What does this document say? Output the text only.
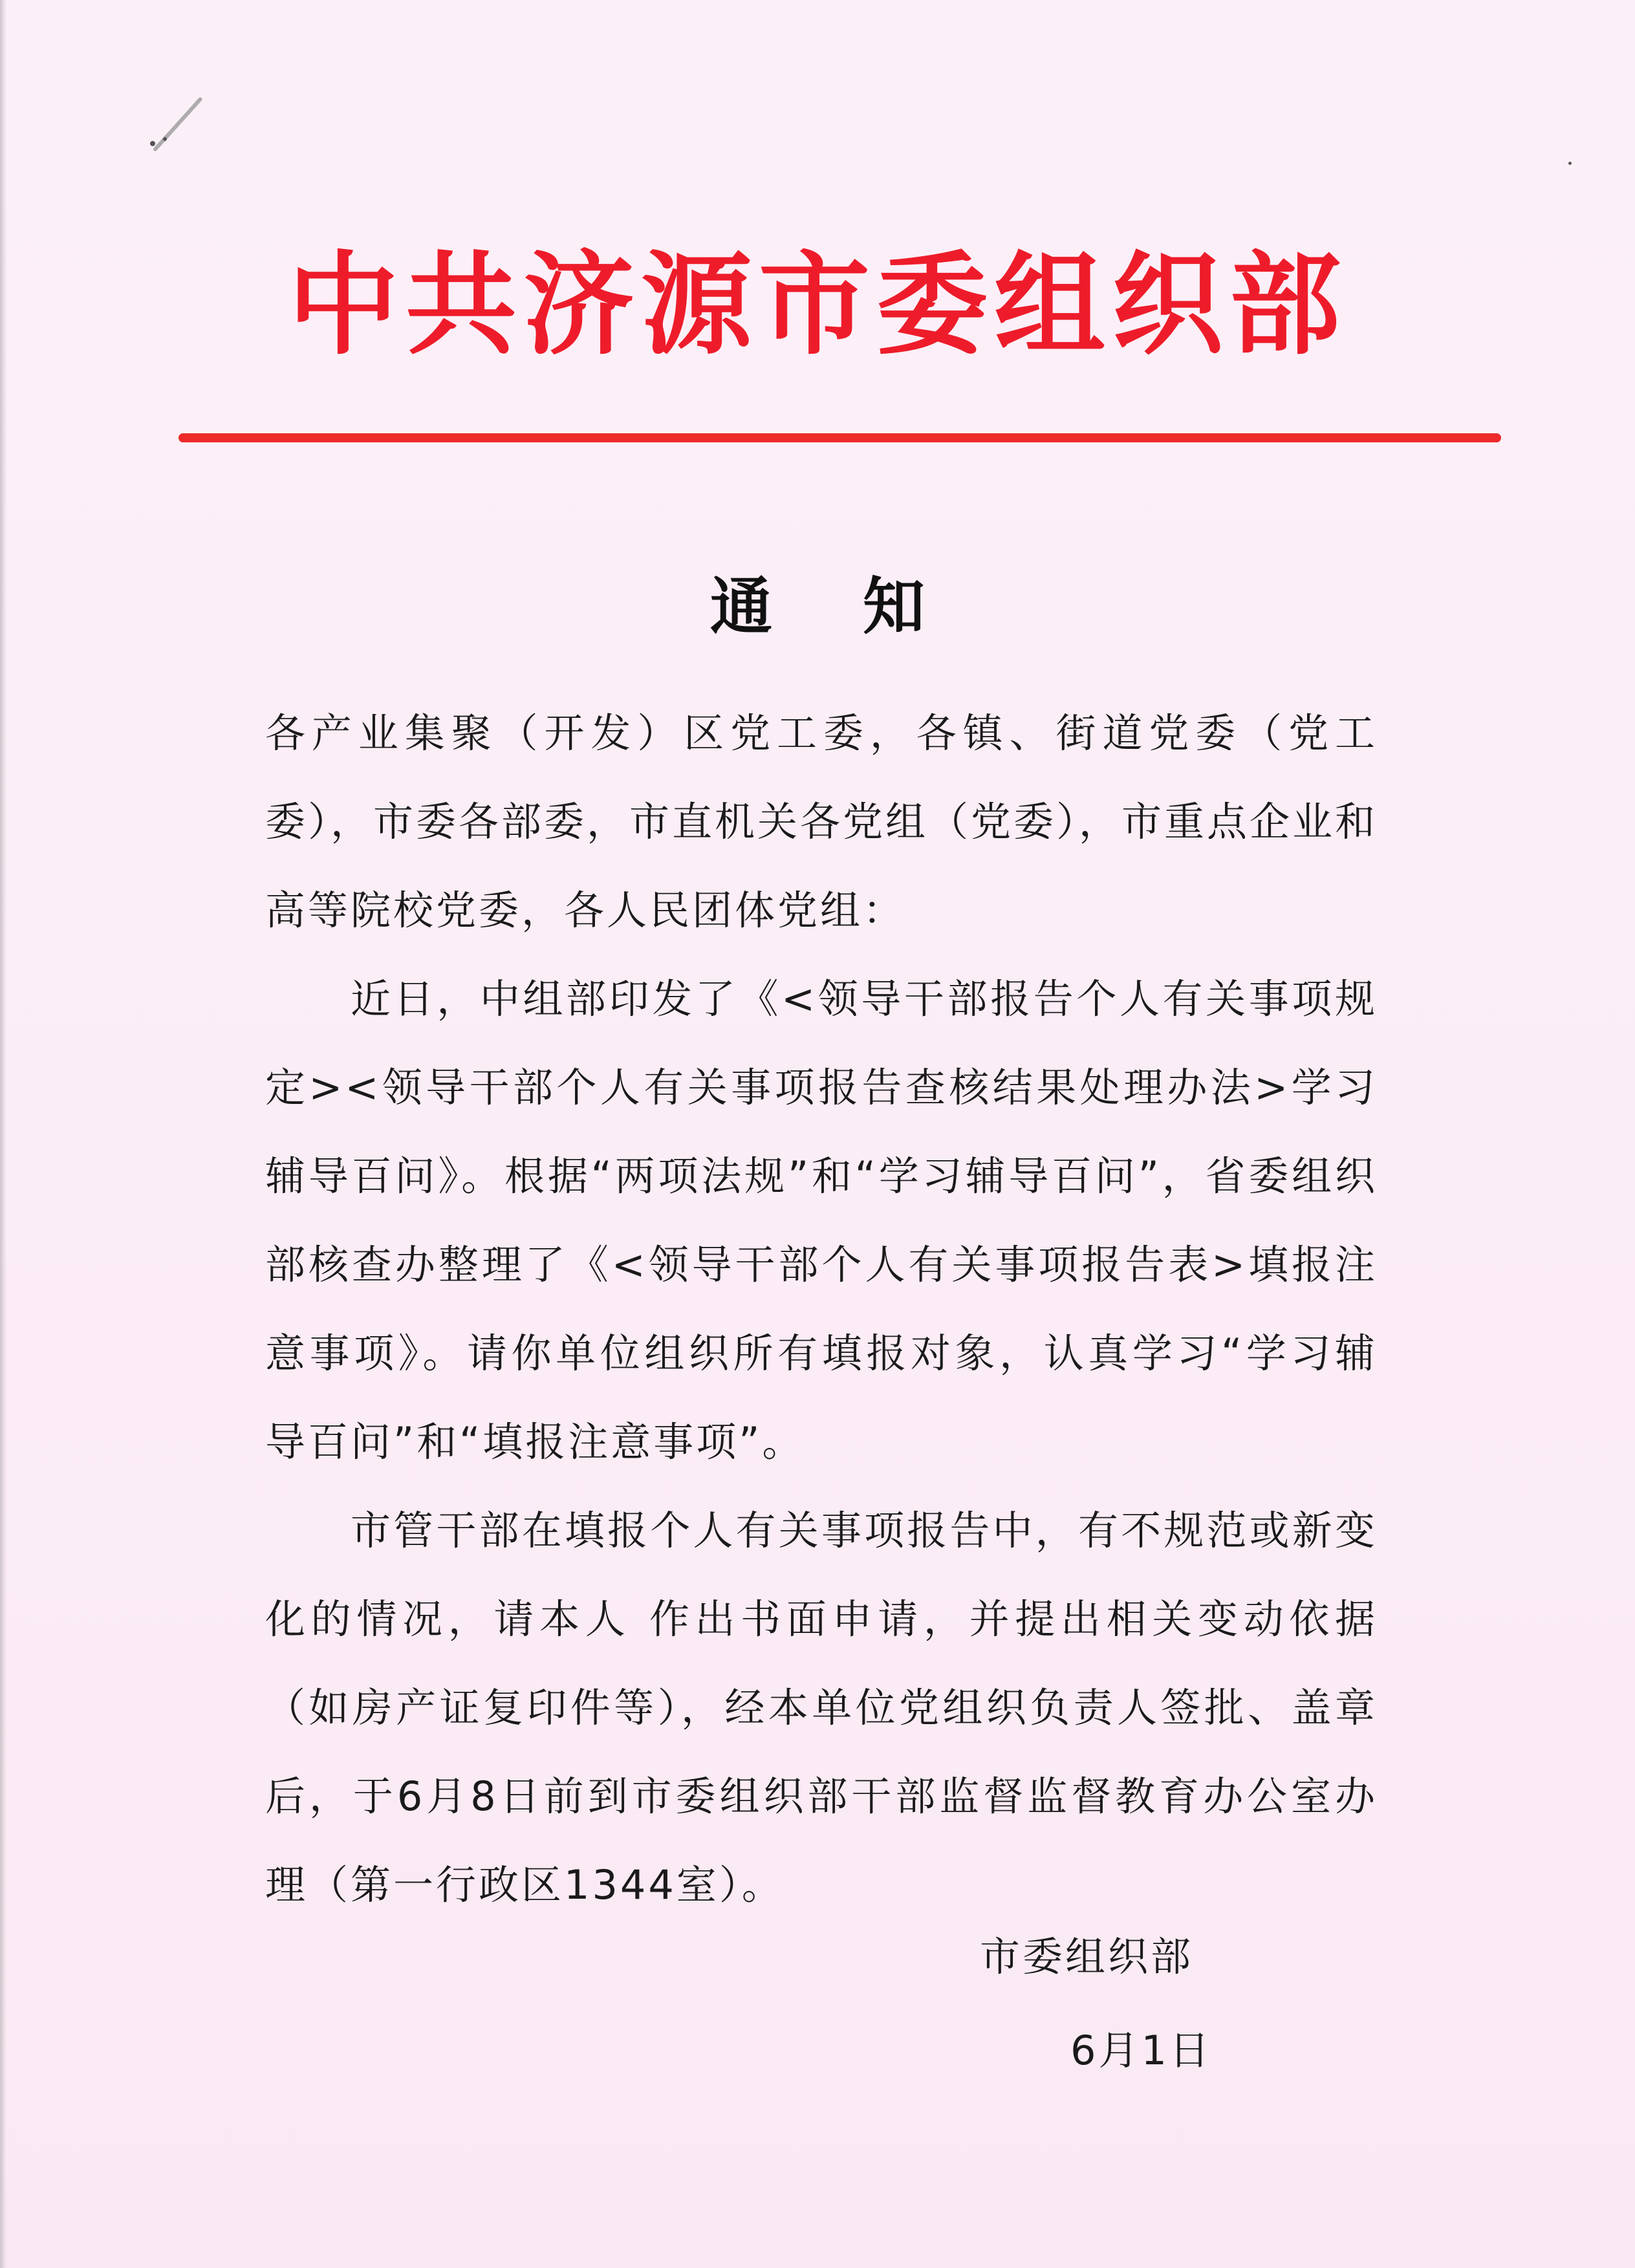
中共济源市委组织部
通 知

各产业集聚（开发）区党工委，各镇、街道党委（党工委），市委各部委，市直机关各党组（党委），市重点企业和高等院校党委，各人民团体党组：

近日，中组部印发了《<领导干部报告个人有关事项规定><领导干部个人有关事项报告查核结果处理办法>学习辅导百问》。根据“两项法规”和“学习辅导百问”，省委组织部核查办整理了《<领导干部个人有关事项报告表>填报注意事项》。请你单位组织所有填报对象，认真学习“学习辅导百问”和“填报注意事项”。

市管干部在填报个人有关事项报告中，有不规范或新变化的情况，请本人 作出书面申请，并提出相关变动依据（如房产证复印件等），经本单位党组织负责人签批、盖章后，于6月8日前到市委组织部干部监督监督教育办公室办理（第一行政区1344室）。

市委组织部
6月1日
